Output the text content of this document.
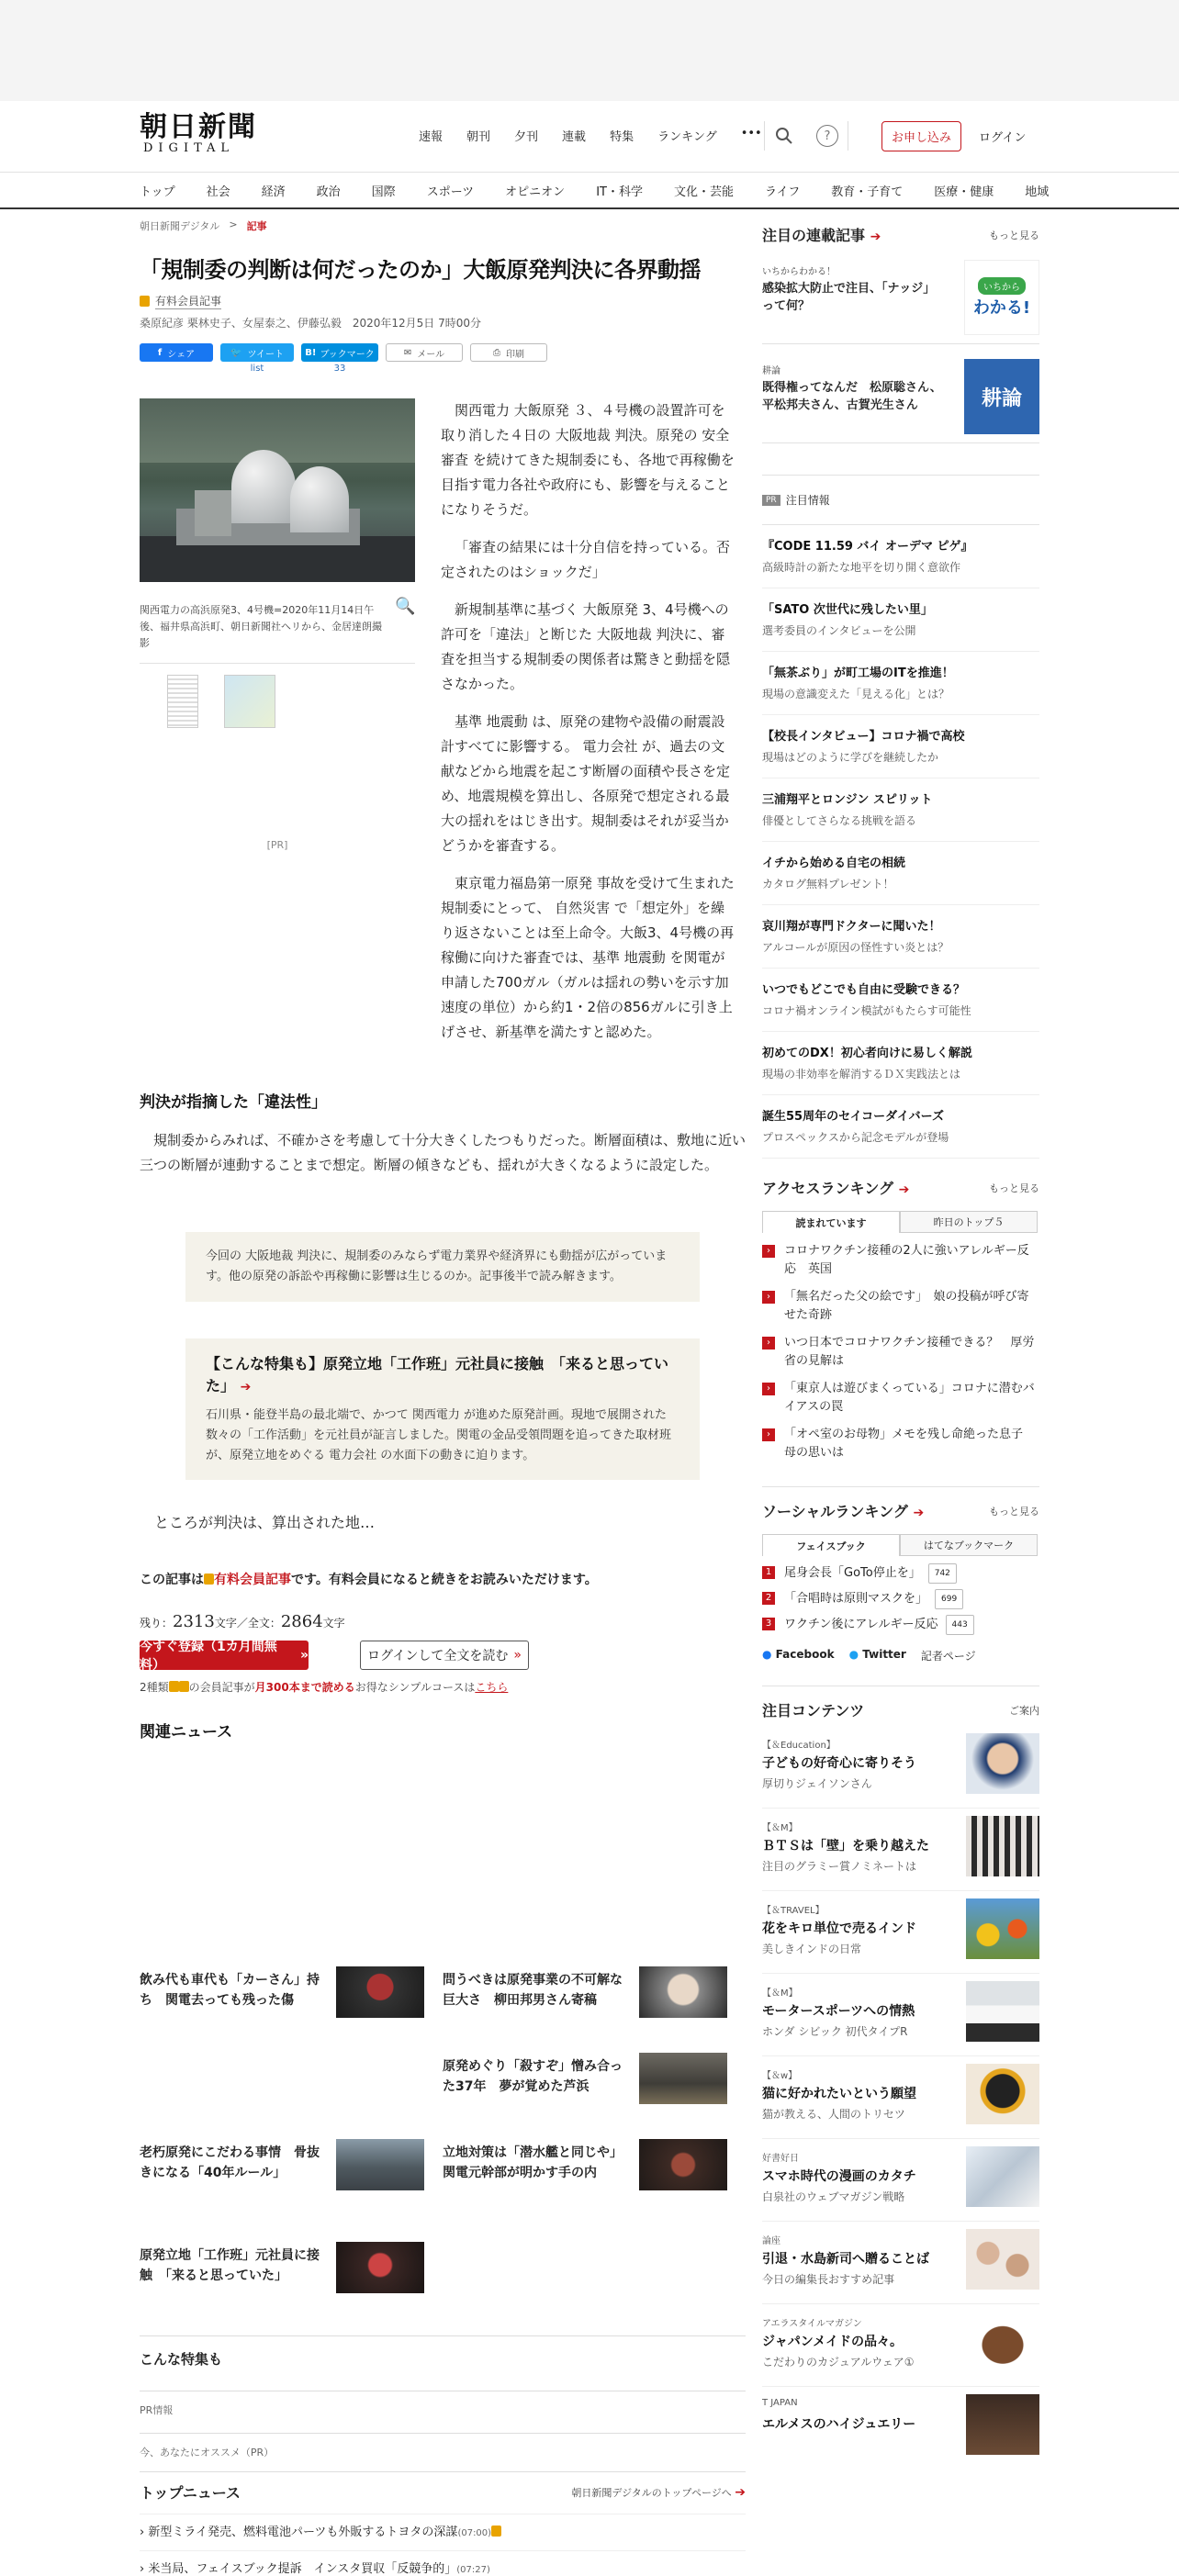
朝日新聞
DIGITAL
速報 朝刊 夕刊 連載 特集 ランキング •••	?	お申し込み	ログイン
トップ	社会	経済	政治	国際	スポーツ	オピニオン	IT・科学	文化・芸能	ライフ	教育・子育て	医療・健康	地域
朝日新聞デジタル > 記事
「規制委の判断は何だったのか」大飯原発判決に各界動揺
有料会員記事
桑原紀彦 栗林史子、女屋泰之、伊藤弘毅　2020年12月5日 7時00分
f シェア	🐦 ツイート
list
B! ブックマーク
33
✉ メール	⎙ 印刷
🔍
関西電力の高浜原発3、4号機=2020年11月14日午後、福井県高浜町、朝日新聞社ヘリから、金居達朗撮影
[PR]

関西電力 大飯原発 ３、４号機の設置許可を取り消した４日の 大阪地裁 判決。原発の 安全審査 を続けてきた規制委にも、各地で再稼働を目指す電力各社や政府にも、影響を与えることになりそうだ。

「審査の結果には十分自信を持っている。否定されたのはショックだ」

新規制基準に基づく 大飯原発 3、4号機への許可を「違法」と断じた 大阪地裁 判決に、審査を担当する規制委の関係者は驚きと動揺を隠さなかった。

基準 地震動 は、原発の建物や設備の耐震設計すべてに影響する。 電力会社 が、過去の文献などから地震を起こす断層の面積や長さを定め、地震規模を算出し、各原発で想定される最大の揺れをはじき出す。規制委はそれが妥当かどうかを審査する。

東京電力福島第一原発 事故を受けて生まれた規制委にとって、 自然災害 で「想定外」を繰り返さないことは至上命令。大飯3、4号機の再稼働に向けた審査では、基準 地震動 を関電が申請した700ガル（ガルは揺れの勢いを示す加速度の単位）から約1・2倍の856ガルに引き上げさせ、新基準を満たすと認めた。

判決が指摘した「違法性」
規制委からみれば、不確かさを考慮して十分大きくしたつもりだった。断層面積は、敷地に近い三つの断層が連動することまで想定。断層の傾きなども、揺れが大きくなるように設定した。
今回の 大阪地裁 判決に、規制委のみならず電力業界や経済界にも動揺が広がっています。他の原発の訴訟や再稼働に影響は生じるのか。記事後半で読み解きます。
【こんな特集も】原発立地「工作班」元社員に接触　「来ると思っていた」 ➔
石川県・能登半島の最北端で、かつて 関西電力 が進めた原発計画。現地で展開された数々の「工作活動」を元社員が証言しました。関電の金品受領問題を追ってきた取材班が、原発立地をめぐる 電力会社 の水面下の動きに迫ります。
ところが判決は、算出された地…
この記事は 有料会員記事です。有料会員になると続きをお読みいただけます。
残り：2313文字／全文：2864文字
今すぐ登録（1カ月間無料）
»	ログインして全文を読む »
2種類 の会員記事が月300本まで読めるお得なシンプルコースはこちら
関連ニュース
飲み代も車代も「カーさん」持ち　関電去っても残った傷
問うべきは原発事業の不可解な巨大さ　柳田邦男さん寄稿
原発めぐり「殺すぞ」憎み合った37年　夢が覚めた芦浜
老朽原発にこだわる事情　骨抜きになる「40年ルール」
立地対策は「潜水艦と同じや」関電元幹部が明かす手の内
原発立地「工作班」元社員に接触　「来ると思っていた」
こんな特集も
PR情報
今、あなたにオススメ（PR）
トップニュース	朝日新聞デジタルのトップページへ ➔
› 新型ミライ発売、燃料電池パーツも外販するトヨタの深謀(07:00)
› 米当局、フェイスブック提訴　インスタ買収「反競争的」(07:27)
注目の連載記事 ➔	もっと見る
いちからわかる！
感染拡大防止で注目、「ナッジ」って何？
いちから
わかる!
耕論
既得権ってなんだ　松原聡さん、平松邦夫さん、古賀光生さん	耕論
PR 注目情報
『CODE 11.59 バイ オーデマ ピゲ』
高級時計の新たな地平を切り開く意欲作
「SATO 次世代に残したい里」
選考委員のインタビューを公開
「無茶ぶり」が町工場のITを推進！
現場の意識変えた「見える化」とは？
【校長インタビュー】コロナ禍で高校
現場はどのように学びを継続したか
三浦翔平とロンジン スピリット
俳優としてさらなる挑戦を語る
イチから始める自宅の相続
カタログ無料プレゼント！
哀川翔が専門ドクターに聞いた！
アルコールが原因の怪性すい炎とは？
いつでもどこでも自由に受験できる？
コロナ禍オンライン模試がもたらす可能性
初めてのDX！初心者向けに易しく解説
現場の非効率を解消するＤＸ実践法とは
誕生55周年のセイコーダイバーズ
プロスペックスから記念モデルが登場
アクセスランキング ➔	もっと見る
読まれています	昨日のトップ５
›	コロナワクチン接種の2人に強いアレルギー反応　英国
›	「無名だった父の絵です」　娘の投稿が呼び寄せた奇跡
›	いつ日本でコロナワクチン接種できる？　厚労省の見解は
›	「東京人は遊びまくっている」コロナに潜むバイアスの罠
›	「オペ室のお母物」メモを残し命絶った息子　母の思いは
ソーシャルランキング ➔	もっと見る
フェイスブック	はてなブックマーク
1 尾身会長「GoTo停止を」 742
2 「合唱時は原則マスクを」 699
3 ワクチン後にアレルギー反応 443
● Facebook ● Twitter 記者ページ
注目コンテンツ	ご案内
【＆Education】
子どもの好奇心に寄りそう
厚切りジェイソンさん
【＆M】
ＢＴＳは「壁」を乗り越えた
注目のグラミー賞ノミネートは
【＆TRAVEL】
花をキロ単位で売るインド
美しきインドの日常
【＆M】
モータースポーツへの情熱
ホンダ シビック 初代タイプR
【＆w】
猫に好かれたいという願望
猫が教える、人間のトリセツ
好書好日
スマホ時代の漫画のカタチ
白泉社のウェブマガジン戦略
論座
引退・水島新司へ贈ることば
今日の編集長おすすめ記事
アエラスタイルマガジン
ジャパンメイドの品々。
こだわりのカジュアルウェア①
T JAPAN
エルメスのハイジュエリー
